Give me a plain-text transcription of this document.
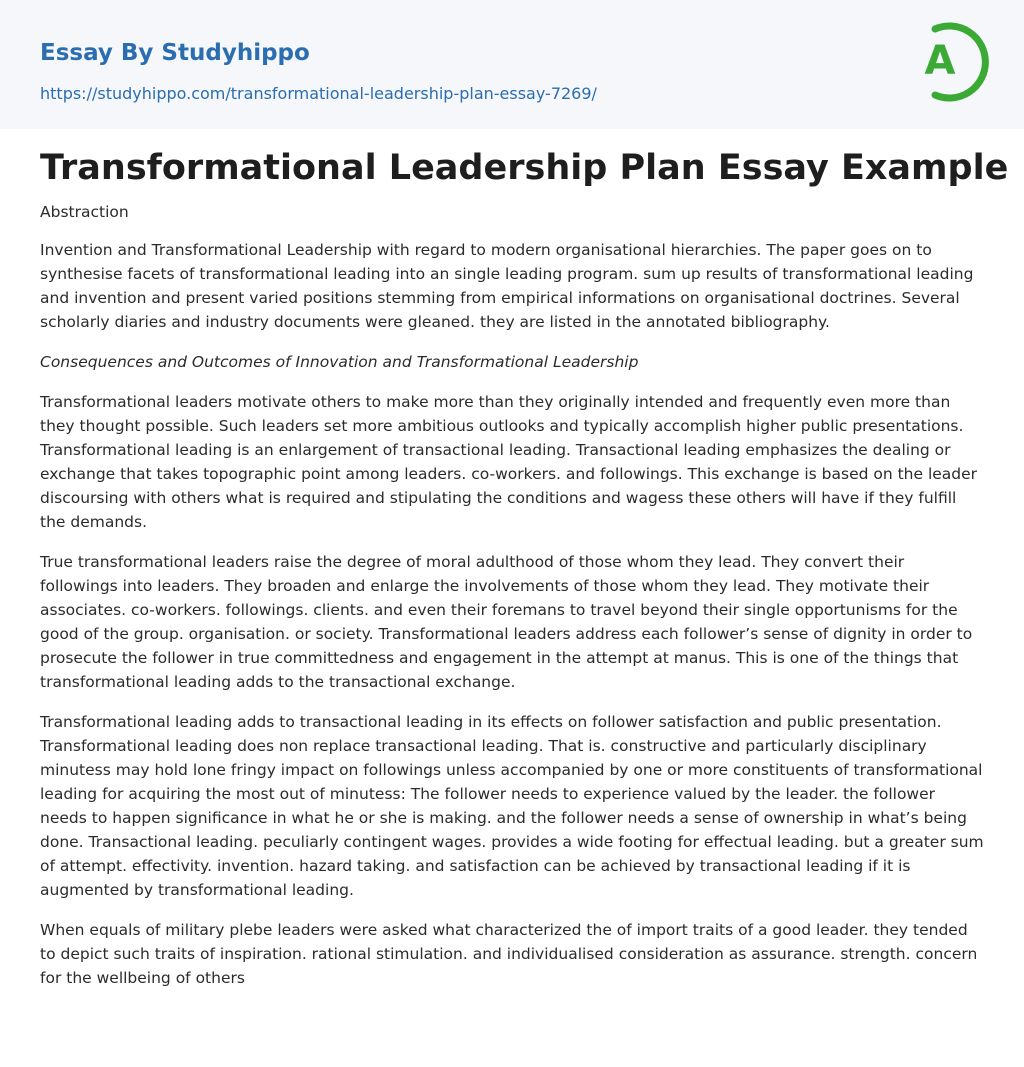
Essay By Studyhippo
https://studyhippo.com/transformational-leadership-plan-essay-7269/
A
Transformational Leadership Plan Essay Example

Abstraction

Invention and Transformational Leadership with regard to modern organisational hierarchies. The paper goes on to synthesise facets of transformational leading into an single leading program. sum up results of transformational leading and invention and present varied positions stemming from empirical informations on organisational doctrines. Several scholarly diaries and industry documents were gleaned. they are listed in the annotated bibliography.

Consequences and Outcomes of Innovation and Transformational Leadership

Transformational leaders motivate others to make more than they originally intended and frequently even more than they thought possible. Such leaders set more ambitious outlooks and typically accomplish higher public presentations. Transformational leading is an enlargement of transactional leading. Transactional leading emphasizes the dealing or exchange that takes topographic point among leaders. co-workers. and followings. This exchange is based on the leader discoursing with others what is required and stipulating the conditions and wagess these others will have if they fulfill the demands.

True transformational leaders raise the degree of moral adulthood of those whom they lead. They convert their followings into leaders. They broaden and enlarge the involvements of those whom they lead. They motivate their associates. co-workers. followings. clients. and even their foremans to travel beyond their single opportunisms for the good of the group. organisation. or society. Transformational leaders address each follower’s sense of dignity in order to prosecute the follower in true committedness and engagement in the attempt at manus. This is one of the things that transformational leading adds to the transactional exchange.

Transformational leading adds to transactional leading in its effects on follower satisfaction and public presentation. Transformational leading does non replace transactional leading. That is. constructive and particularly disciplinary minutess may hold lone fringy impact on followings unless accompanied by one or more constituents of transformational leading for acquiring the most out of minutess: The follower needs to experience valued by the leader. the follower needs to happen significance in what he or she is making. and the follower needs a sense of ownership in what’s being done. Transactional leading. peculiarly contingent wages. provides a wide footing for effectual leading. but a greater sum of attempt. effectivity. invention. hazard taking. and satisfaction can be achieved by transactional leading if it is augmented by transformational leading.

When equals of military plebe leaders were asked what characterized the of import traits of a good leader. they tended to depict such traits of inspiration. rational stimulation. and individualised consideration as assurance. strength. concern for the wellbeing of others
